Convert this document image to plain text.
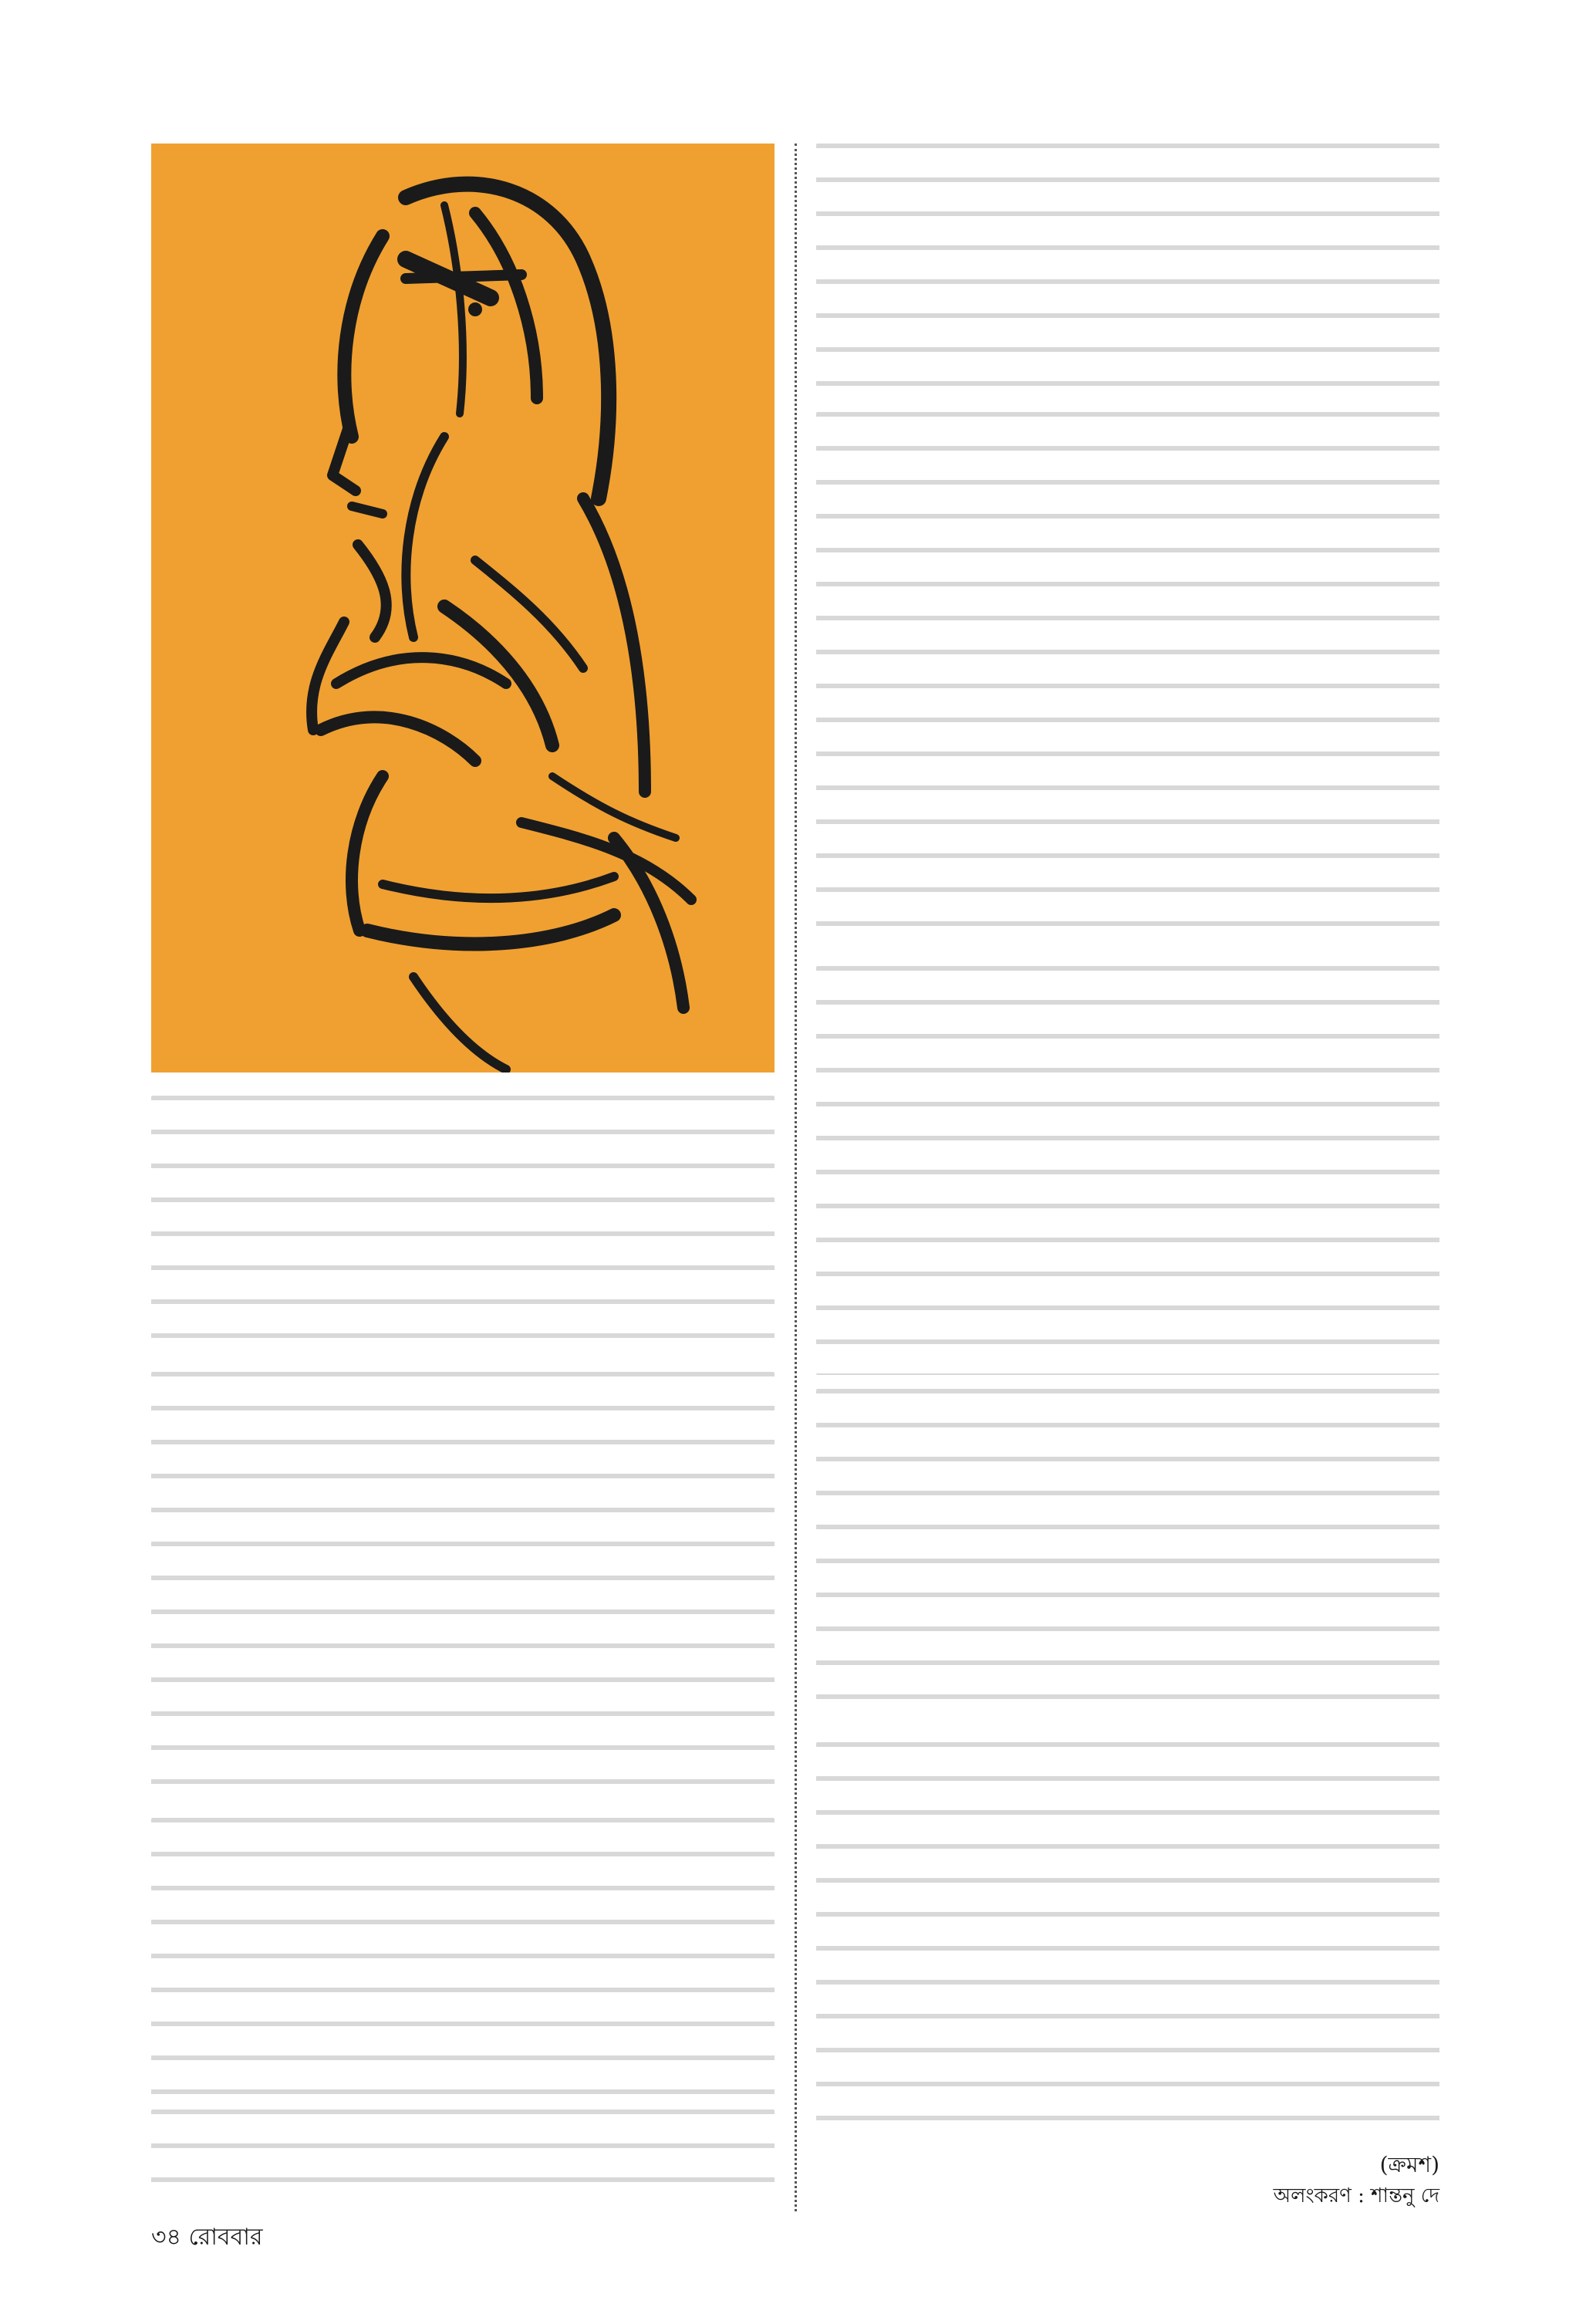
(ক্রমশ)
অলংকরণ : শান্তনু দে
৩৪ রোববার
